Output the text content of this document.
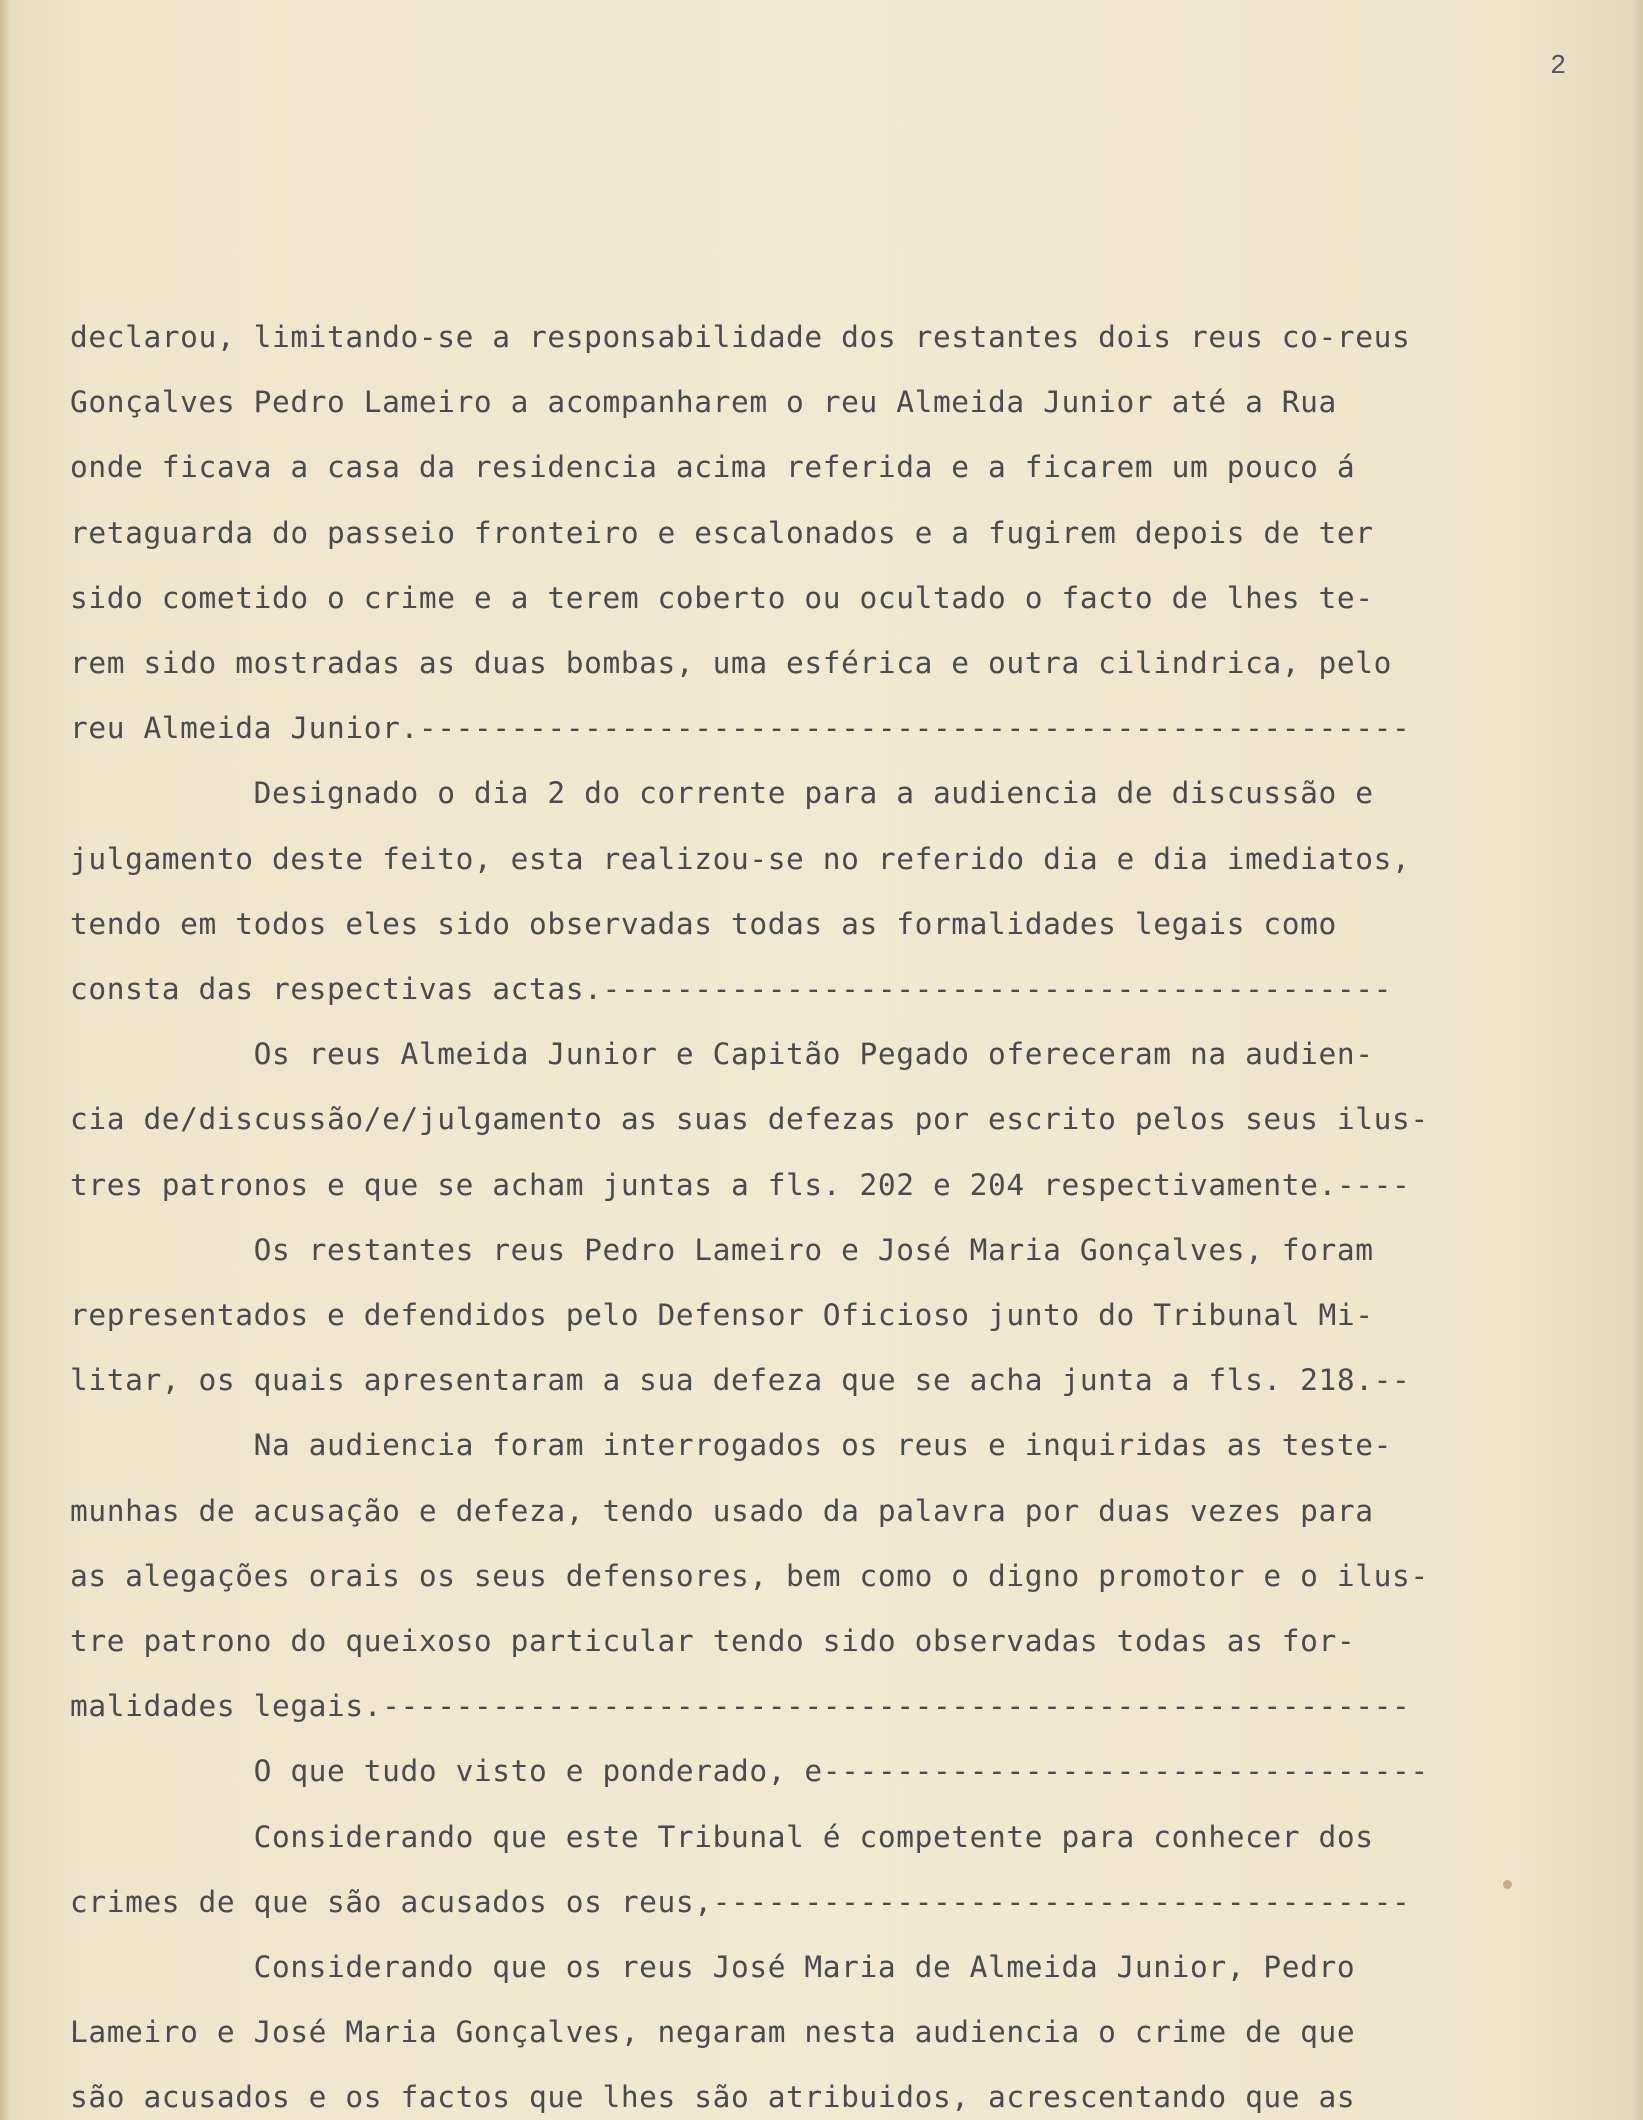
2
declarou, limitando-se a responsabilidade dos restantes dois reus co-reus
Gonçalves Pedro Lameiro a acompanharem o reu Almeida Junior até a Rua
onde ficava a casa da residencia acima referida e a ficarem um pouco á
retaguarda do passeio fronteiro e escalonados e a fugirem depois de ter
sido cometido o crime e a terem coberto ou ocultado o facto de lhes te-
rem sido mostradas as duas bombas, uma esférica e outra cilindrica, pelo
reu Almeida Junior.------------------------------------------------------
Designado o dia 2 do corrente para a audiencia de discussão e
julgamento deste feito, esta realizou-se no referido dia e dia imediatos,
tendo em todos eles sido observadas todas as formalidades legais como
consta das respectivas actas.-------------------------------------------
Os reus Almeida Junior e Capitão Pegado ofereceram na audien-
cia de/discussão/e/julgamento as suas defezas por escrito pelos seus ilus-
tres patronos e que se acham juntas a fls. 202 e 204 respectivamente.----
Os restantes reus Pedro Lameiro e José Maria Gonçalves, foram
representados e defendidos pelo Defensor Oficioso junto do Tribunal Mi-
litar, os quais apresentaram a sua defeza que se acha junta a fls. 218.--
Na audiencia foram interrogados os reus e inquiridas as teste-
munhas de acusação e defeza, tendo usado da palavra por duas vezes para
as alegações orais os seus defensores, bem como o digno promotor e o ilus-
tre patrono do queixoso particular tendo sido observadas todas as for-
malidades legais.--------------------------------------------------------
O que tudo visto e ponderado, e---------------------------------
Considerando que este Tribunal é competente para conhecer dos
crimes de que são acusados os reus,--------------------------------------
Considerando que os reus José Maria de Almeida Junior, Pedro
Lameiro e José Maria Gonçalves, negaram nesta audiencia o crime de que
são acusados e os factos que lhes são atribuidos, acrescentando que as
